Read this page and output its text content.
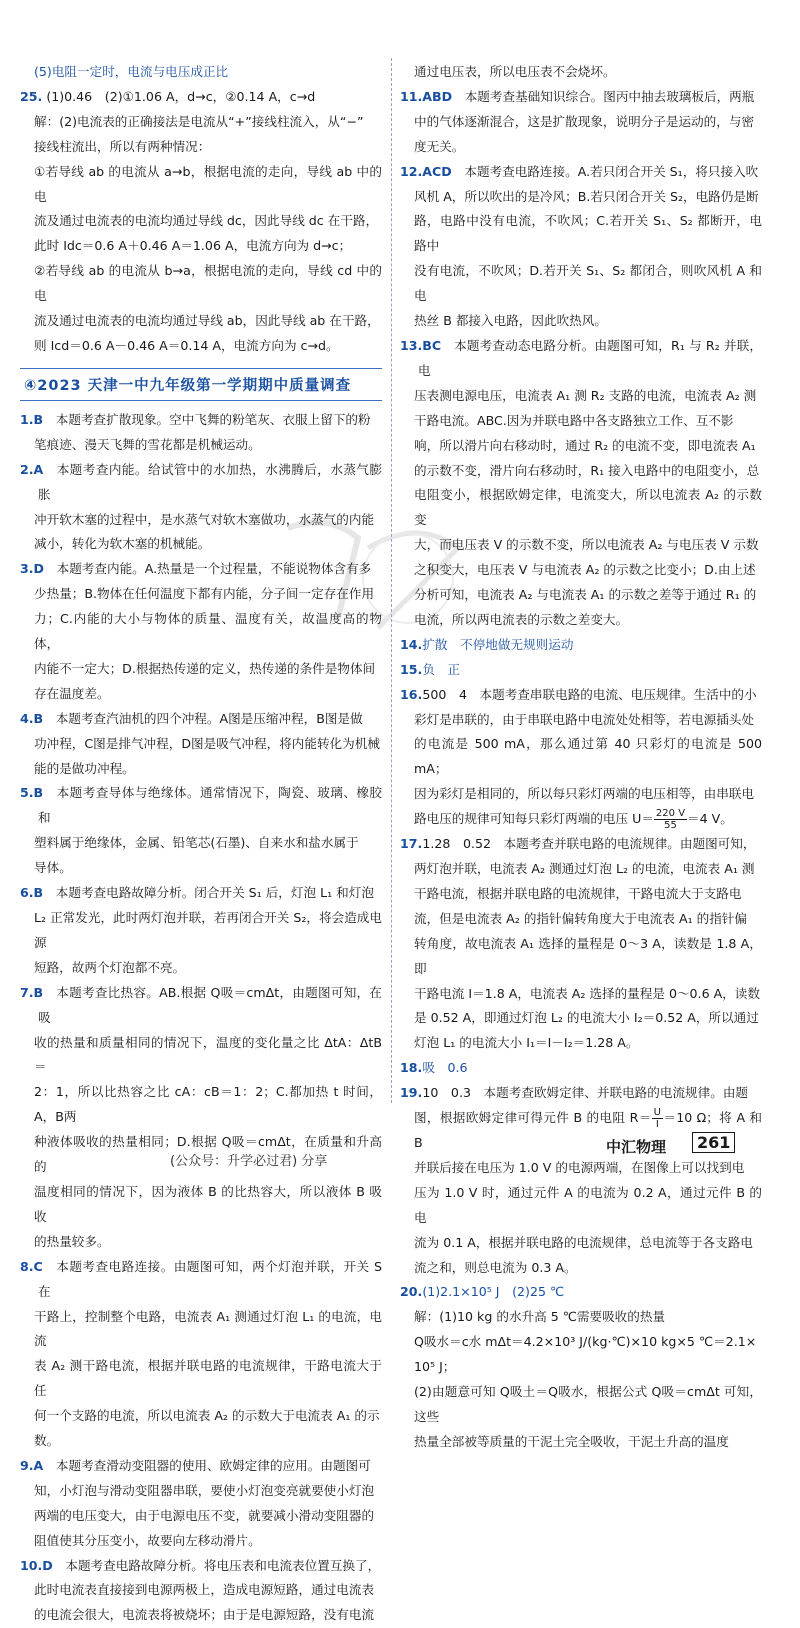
(5)电阻一定时，电流与电压成正比

25. (1)0.46　(2)①1.06 A，d→c，②0.14 A，c→d

解：(2)电流表的正确接法是电流从“+”接线柱流入，从“−”

接线柱流出，所以有两种情况：

①若导线 ab 的电流从 a→b，根据电流的走向，导线 ab 中的电

流及通过电流表的电流均通过导线 dc，因此导线 dc 在干路，

此时 Idc＝0.6 A＋0.46 A＝1.06 A，电流方向为 d→c；

②若导线 ab 的电流从 b→a，根据电流的走向，导线 cd 中的电

流及通过电流表的电流均通过导线 ab，因此导线 ab 在干路，

则 Icd＝0.6 A－0.46 A＝0.14 A，电流方向为 c→d。

④2023 天津一中九年级第一学期期中质量调查

1.B　本题考查扩散现象。空中飞舞的粉笔灰、衣服上留下的粉

笔痕迹、漫天飞舞的雪花都是机械运动。

2.A　本题考查内能。给试管中的水加热，水沸腾后，水蒸气膨胀

冲开软木塞的过程中，是水蒸气对软木塞做功，水蒸气的内能

减小，转化为软木塞的机械能。

3.D　本题考查内能。A.热量是一个过程量，不能说物体含有多

少热量；B.物体在任何温度下都有内能，分子间一定存在作用

力；C.内能的大小与物体的质量、温度有关，故温度高的物体，

内能不一定大；D.根据热传递的定义，热传递的条件是物体间

存在温度差。

4.B　本题考查汽油机的四个冲程。A图是压缩冲程，B图是做

功冲程，C图是排气冲程，D图是吸气冲程，将内能转化为机械

能的是做功冲程。

5.B　本题考查导体与绝缘体。通常情况下，陶瓷、玻璃、橡胶和

塑料属于绝缘体，金属、铅笔芯(石墨)、自来水和盐水属于

导体。

6.B　本题考查电路故障分析。闭合开关 S₁ 后，灯泡 L₁ 和灯泡

L₂ 正常发光，此时两灯泡并联，若再闭合开关 S₂，将会造成电源

短路，故两个灯泡都不亮。

7.B　本题考查比热容。AB.根据 Q吸＝cmΔt，由题图可知，在吸

收的热量和质量相同的情况下，温度的变化量之比 ΔtA：ΔtB＝

2：1，所以比热容之比 cA：cB＝1：2；C.都加热 t 时间，A，B两

种液体吸收的热量相同；D.根据 Q吸＝cmΔt，在质量和升高的

温度相同的情况下，因为液体 B 的比热容大，所以液体 B 吸收

的热量较多。

8.C　本题考查电路连接。由题图可知，两个灯泡并联，开关 S 在

干路上，控制整个电路，电流表 A₁ 测通过灯泡 L₁ 的电流，电流

表 A₂ 测干路电流，根据并联电路的电流规律，干路电流大于任

何一个支路的电流，所以电流表 A₂ 的示数大于电流表 A₁ 的示

数。

9.A　本题考查滑动变阻器的使用、欧姆定律的应用。由题图可

知，小灯泡与滑动变阻器串联，要使小灯泡变亮就要使小灯泡

两端的电压变大，由于电源电压不变，就要减小滑动变阻器的

阻值使其分压变小，故要向左移动滑片。

10.D　本题考查电路故障分析。将电压表和电流表位置互换了，

此时电流表直接接到电源两极上，造成电源短路，通过电流表

的电流会很大，电流表将被烧坏；由于是电源短路，没有电流

通过电压表，所以电压表不会烧坏。

11.ABD　本题考查基础知识综合。图丙中抽去玻璃板后，两瓶

中的气体逐渐混合，这是扩散现象，说明分子是运动的，与密

度无关。

12.ACD　本题考查电路连接。A.若只闭合开关 S₁，将只接入吹

风机 A，所以吹出的是冷风；B.若只闭合开关 S₂，电路仍是断

路，电路中没有电流，不吹风；C.若开关 S₁、S₂ 都断开，电路中

没有电流，不吹风；D.若开关 S₁、S₂ 都闭合，则吹风机 A 和电

热丝 B 都接入电路，因此吹热风。

13.BC　本题考查动态电路分析。由题图可知，R₁ 与 R₂ 并联，电

压表测电源电压，电流表 A₁ 测 R₂ 支路的电流，电流表 A₂ 测

干路电流。ABC.因为并联电路中各支路独立工作、互不影

响，所以滑片向右移动时，通过 R₂ 的电流不变，即电流表 A₁

的示数不变，滑片向右移动时，R₁ 接入电路中的电阻变小，总

电阻变小，根据欧姆定律，电流变大，所以电流表 A₂ 的示数变

大，而电压表 V 的示数不变，所以电流表 A₂ 与电压表 V 示数

之积变大，电压表 V 与电流表 A₂ 的示数之比变小；D.由上述

分析可知，电流表 A₂ 与电流表 A₁ 的示数之差等于通过 R₁ 的

电流，所以两电流表的示数之差变大。

14.扩散　不停地做无规则运动

15.负　正

16.500　4　本题考查串联电路的电流、电压规律。生活中的小

彩灯是串联的，由于串联电路中电流处处相等，若电源插头处

的电流是 500 mA，那么通过第 40 只彩灯的电流是 500 mA；

因为彩灯是相同的，所以每只彩灯两端的电压相等，由串联电

路电压的规律可知每只彩灯两端的电压 $U= \frac{220 V}{55} =4$ V。

17.1.28　0.52　本题考查并联电路的电流规律。由题图可知，

两灯泡并联，电流表 A₂ 测通过灯泡 L₂ 的电流，电流表 A₁ 测

干路电流，根据并联电路的电流规律，干路电流大于支路电

流，但是电流表 A₂ 的指针偏转角度大于电流表 A₁ 的指针偏

转角度，故电流表 A₁ 选择的量程是 0～3 A，读数是 1.8 A，即

干路电流 I＝1.8 A，电流表 A₂ 选择的量程是 0～0.6 A，读数

是 0.52 A，即通过灯泡 L₂ 的电流大小 I₂＝0.52 A，所以通过

灯泡 L₁ 的电流大小 I₁＝I－I₂＝1.28 A。

18.吸　0.6

19.10　0.3　本题考查欧姆定律、并联电路的电流规律。由题

图，根据欧姆定律可得元件 B 的电阻 $R= \frac{U}{I} =10$ Ω；将 A 和 B

并联后接在电压为 1.0 V 的电源两端，在图像上可以找到电

压为 1.0 V 时，通过元件 A 的电流为 0.2 A，通过元件 B 的电

流为 0.1 A，根据并联电路的电流规律，总电流等于各支路电

流之和，则总电流为 0.3 A。

20.(1)2.1×10⁵ J　(2)25 ℃

解：(1)10 kg 的水升高 5 ℃需要吸收的热量

Q吸水＝c水 mΔt＝4.2×10³ J/(kg·℃)×10 kg×5 ℃＝2.1×

10⁵ J；

(2)由题意可知 Q吸土＝Q吸水，根据公式 Q吸＝cmΔt 可知，这些

热量全部被等质量的干泥土完全吸收，干泥土升高的温度

中汇物理	261
(公众号：升学必过君) 分享
